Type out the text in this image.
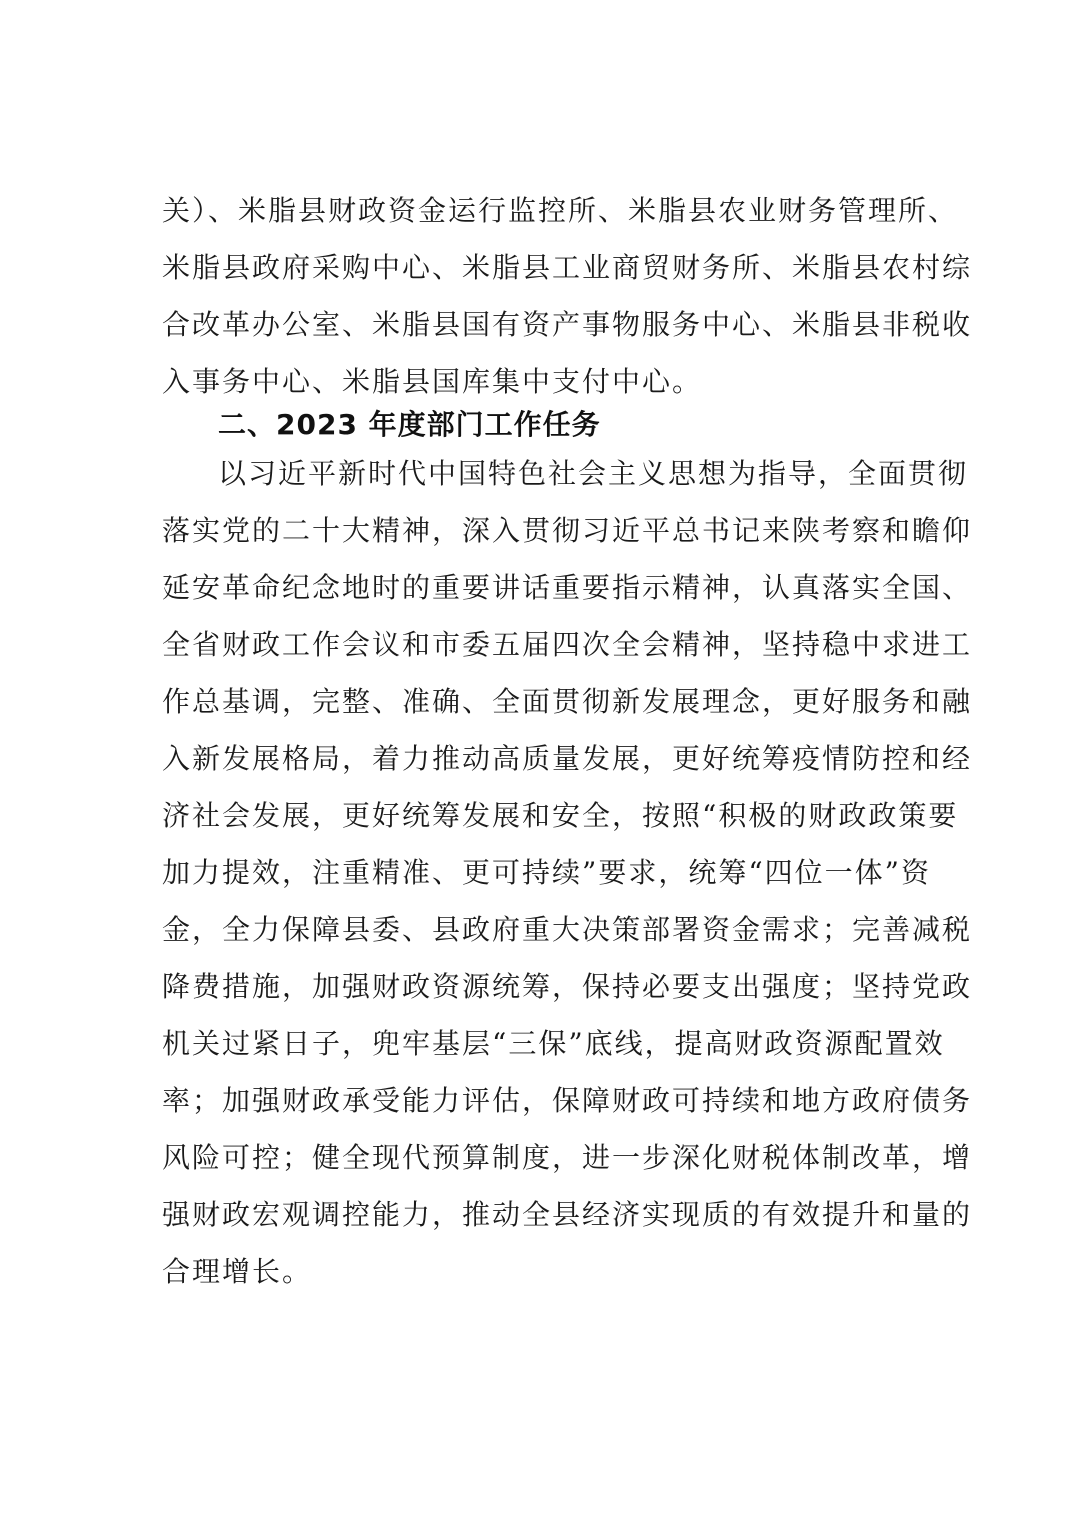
关）、米脂县财政资金运行监控所、米脂县农业财务管理所、
米脂县政府采购中心、米脂县工业商贸财务所、米脂县农村综
合改革办公室、米脂县国有资产事物服务中心、米脂县非税收
入事务中心、米脂县国库集中支付中心。
二、2023 年度部门工作任务
以习近平新时代中国特色社会主义思想为指导，全面贯彻
落实党的二十大精神，深入贯彻习近平总书记来陕考察和瞻仰
延安革命纪念地时的重要讲话重要指示精神，认真落实全国、
全省财政工作会议和市委五届四次全会精神，坚持稳中求进工
作总基调，完整、准确、全面贯彻新发展理念，更好服务和融
入新发展格局，着力推动高质量发展，更好统筹疫情防控和经
济社会发展，更好统筹发展和安全，按照“积极的财政政策要
加力提效，注重精准、更可持续”要求，统筹“四位一体”资
金，全力保障县委、县政府重大决策部署资金需求；完善减税
降费措施，加强财政资源统筹，保持必要支出强度；坚持党政
机关过紧日子，兜牢基层“三保”底线，提高财政资源配置效
率；加强财政承受能力评估，保障财政可持续和地方政府债务
风险可控；健全现代预算制度，进一步深化财税体制改革，增
强财政宏观调控能力，推动全县经济实现质的有效提升和量的
合理增长。
